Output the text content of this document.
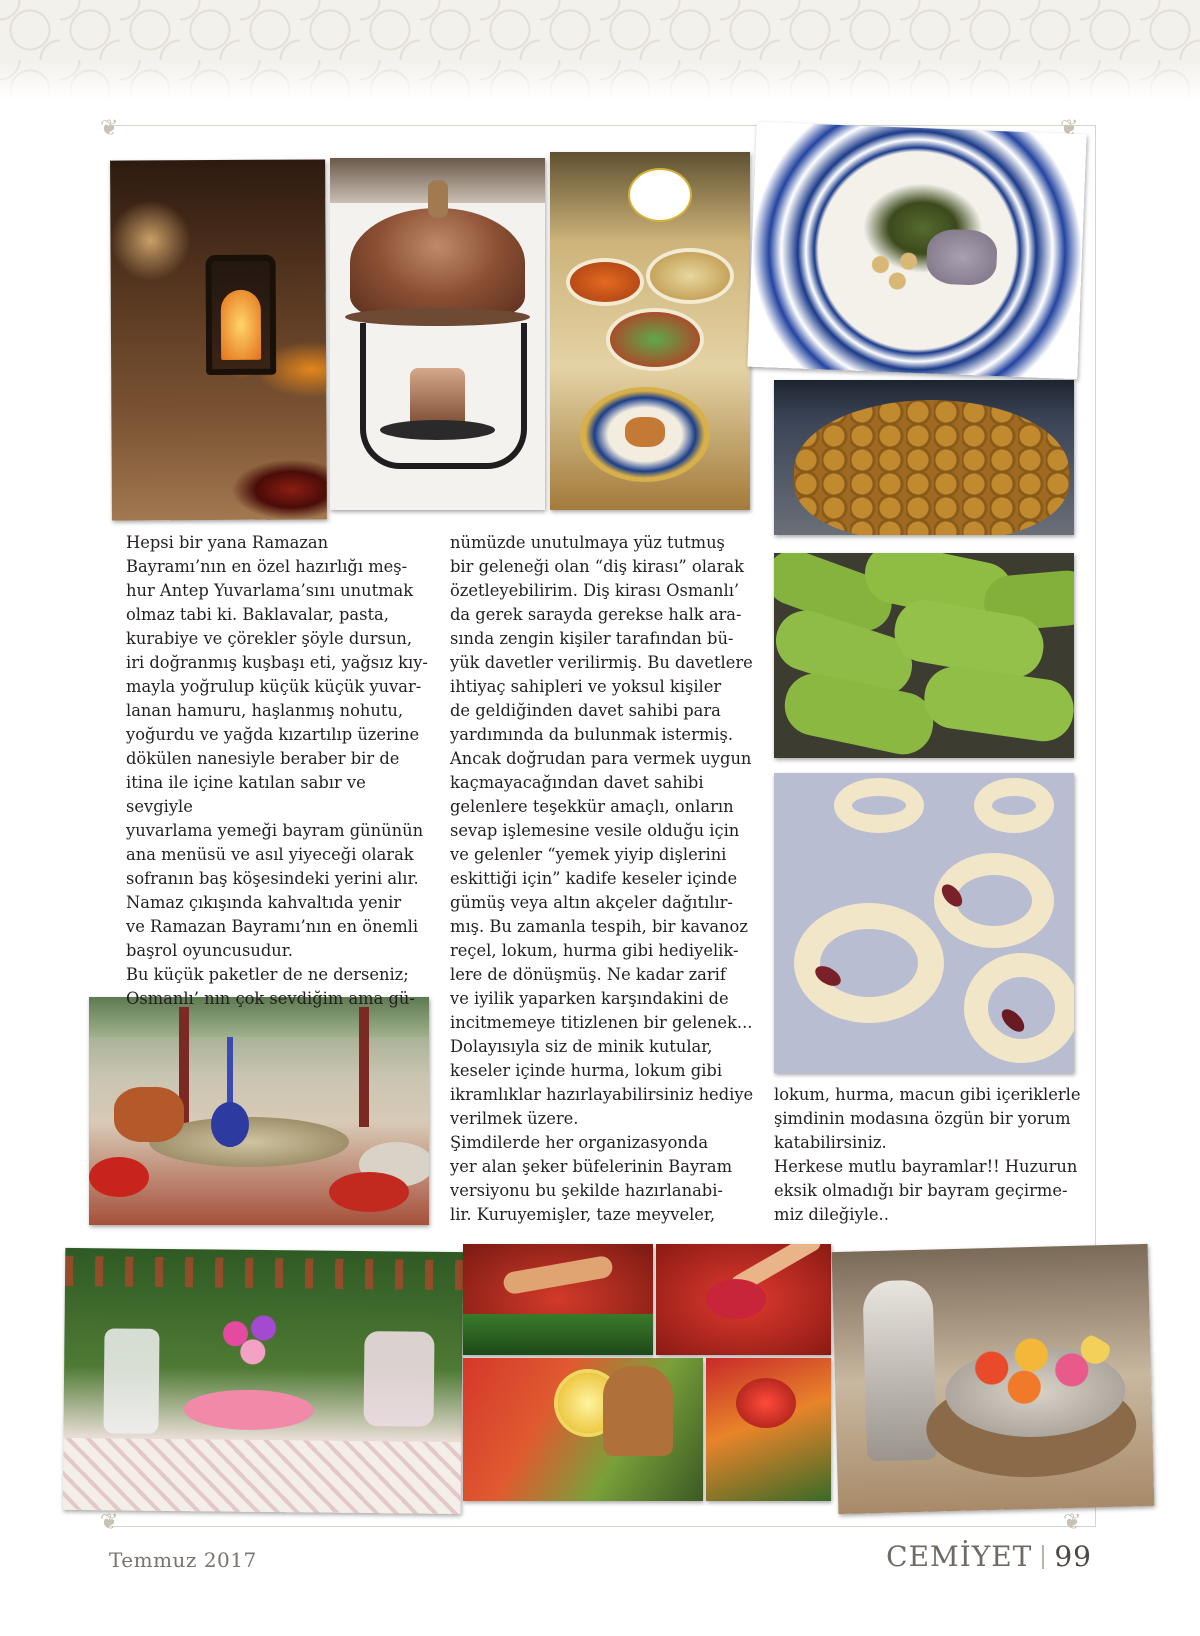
❦	❦
❦	❦

Hepsi bir yana Ramazan

Bayramı’nın en özel hazırlığı meş-

hur Antep Yuvarlama’sını unutmak

olmaz tabi ki. Baklavalar, pasta,

kurabiye ve çörekler şöyle dursun,

iri doğranmış kuşbaşı eti, yağsız kıy-

mayla yoğrulup küçük küçük yuvar-

lanan hamuru, haşlanmış nohutu,

yoğurdu ve yağda kızartılıp üzerine

dökülen nanesiyle beraber bir de

itina ile içine katılan sabır ve sevgiyle

yuvarlama yemeği bayram gününün

ana menüsü ve asıl yiyeceği olarak

sofranın baş köşesindeki yerini alır.

Namaz çıkışında kahvaltıda yenir

ve Ramazan Bayramı’nın en önemli

başrol oyuncusudur.

Bu küçük paketler de ne derseniz;

Osmanlı’ nın çok sevdiğim ama gü-

nümüzde unutulmaya yüz tutmuş

bir geleneği olan “diş kirası” olarak

özetleyebilirim. Diş kirası Osmanlı’

da gerek sarayda gerekse halk ara-

sında zengin kişiler tarafından bü-

yük davetler verilirmiş. Bu davetlere

ihtiyaç sahipleri ve yoksul kişiler

de geldiğinden davet sahibi para

yardımında da bulunmak istermiş.

Ancak doğrudan para vermek uygun

kaçmayacağından davet sahibi

gelenlere teşekkür amaçlı, onların

sevap işlemesine vesile olduğu için

ve gelenler “yemek yiyip dişlerini

eskittiği için” kadife keseler içinde

gümüş veya altın akçeler dağıtılır-

mış. Bu zamanla tespih, bir kavanoz

reçel, lokum, hurma gibi hediyelik-

lere de dönüşmüş. Ne kadar zarif

ve iyilik yaparken karşındakini de

incitmemeye titizlenen bir gelenek...

Dolayısıyla siz de minik kutular,

keseler içinde hurma, lokum gibi

ikramlıklar hazırlayabilirsiniz hediye

verilmek üzere.

Şimdilerde her organizasyonda

yer alan şeker büfelerinin Bayram

versiyonu bu şekilde hazırlanabi-

lir. Kuruyemişler, taze meyveler,

lokum, hurma, macun gibi içeriklerle

şimdinin modasına özgün bir yorum

katabilirsiniz.

Herkese mutlu bayramlar!! Huzurun

eksik olmadığı bir bayram geçirme-

miz dileğiyle..

Temmuz 2017	CEMİYET 99
